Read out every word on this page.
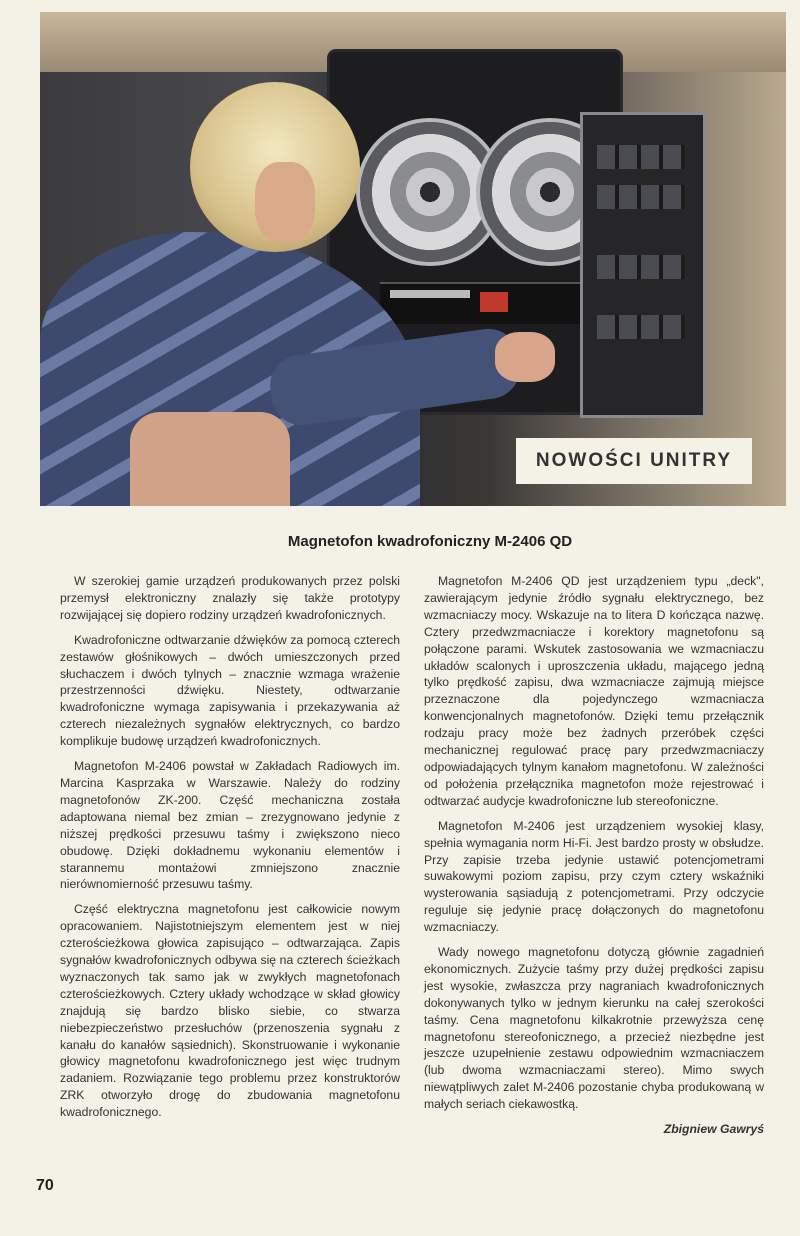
NOWOŚCI UNITRY
Magnetofon kwadrofoniczny M-2406 QD

W szerokiej gamie urządzeń produkowanych przez polski przemysł elektroniczny znalazły się także prototypy rozwijającej się dopiero rodziny urządzeń kwadrofonicznych.

Kwadrofoniczne odtwarzanie dźwięków za pomocą czterech zestawów głośnikowych – dwóch umieszczonych przed słuchaczem i dwóch tylnych – znacznie wzmaga wrażenie przestrzenności dźwięku. Niestety, odtwarzanie kwadrofoniczne wymaga zapisywania i przekazywania aż czterech niezależnych sygnałów elektrycznych, co bardzo komplikuje budowę urządzeń kwadrofonicznych.

Magnetofon M-2406 powstał w Zakładach Radiowych im. Marcina Kasprzaka w Warszawie. Należy do rodziny magnetofonów ZK-200. Część mechaniczna została adaptowana niemal bez zmian – zrezygnowano jedynie z niższej prędkości przesuwu taśmy i zwiększono nieco obudowę. Dzięki dokładnemu wykonaniu elementów i starannemu montażowi zmniejszono znacznie nierównomierność przesuwu taśmy.

Część elektryczna magnetofonu jest całkowicie nowym opracowaniem. Najistotniejszym elementem jest w niej czterościeżkowa głowica zapisująco – odtwarzająca. Zapis sygnałów kwadrofonicznych odbywa się na czterech ścieżkach wyznaczonych tak samo jak w zwykłych magnetofonach czterościeżkowych. Cztery układy wchodzące w skład głowicy znajdują się bardzo blisko siebie, co stwarza niebezpieczeństwo przesłuchów (przenoszenia sygnału z kanału do kanałów sąsiednich). Skonstruowanie i wykonanie głowicy magnetofonu kwadrofonicznego jest więc trudnym zadaniem. Rozwiązanie tego problemu przez konstruktorów ZRK otworzyło drogę do zbudowania magnetofonu kwadrofonicznego.

Magnetofon M-2406 QD jest urządzeniem typu „deck", zawierającym jedynie źródło sygnału elektrycznego, bez wzmacniaczy mocy. Wskazuje na to litera D kończąca nazwę. Cztery przedwzmacniacze i korektory magnetofonu są połączone parami. Wskutek zastosowania we wzmacniaczu układów scalonych i uproszczenia układu, mającego jedną tylko prędkość zapisu, dwa wzmacniacze zajmują miejsce przeznaczone dla pojedynczego wzmacniacza konwencjonalnych magnetofonów. Dzięki temu przełącznik rodzaju pracy może bez żadnych przeróbek części mechanicznej regulować pracę pary przedwzmacniaczy odpowiadających tylnym kanałom magnetofonu. W zależności od położenia przełącznika magnetofon może rejestrować i odtwarzać audycje kwadrofoniczne lub stereofoniczne.

Magnetofon M-2406 jest urządzeniem wysokiej klasy, spełnia wymagania norm Hi-Fi. Jest bardzo prosty w obsłudze. Przy zapisie trzeba jedynie ustawić potencjometrami suwakowymi poziom zapisu, przy czym cztery wskaźniki wysterowania sąsiadują z potencjometrami. Przy odczycie reguluje się jedynie pracę dołączonych do magnetofonu wzmacniaczy.

Wady nowego magnetofonu dotyczą głównie zagadnień ekonomicznych. Zużycie taśmy przy dużej prędkości zapisu jest wysokie, zwłaszcza przy nagraniach kwadrofonicznych dokonywanych tylko w jednym kierunku na całej szerokości taśmy. Cena magnetofonu kilkakrotnie przewyższa cenę magnetofonu stereofonicznego, a przecież niezbędne jest jeszcze uzupełnienie zestawu odpowiednim wzmacniaczem (lub dwoma wzmacniaczami stereo). Mimo swych niewątpliwych zalet M-2406 pozostanie chyba produkowaną w małych seriach ciekawostką.

Zbigniew Gawryś
70
